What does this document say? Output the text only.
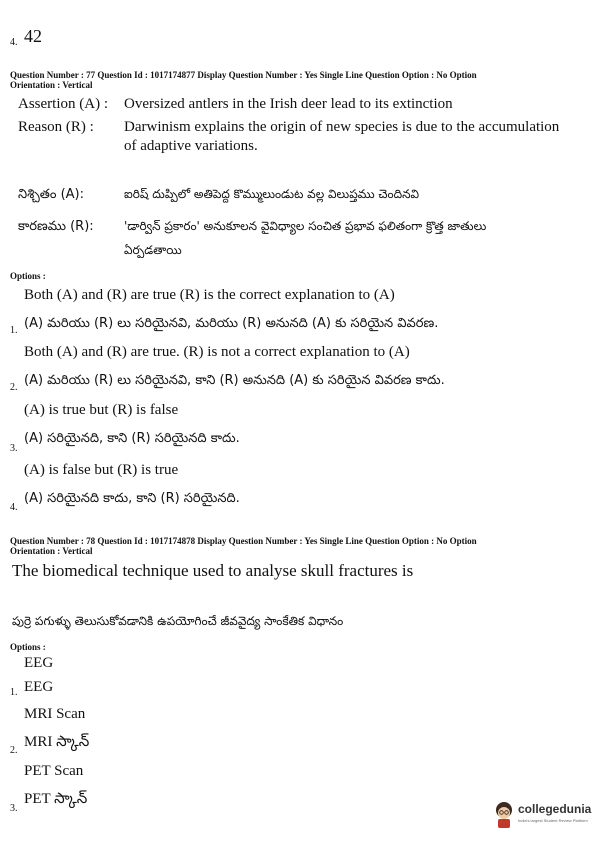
4. 42
Question Number : 77 Question Id : 1017174877 Display Question Number : Yes Single Line Question Option : No Option
Orientation : Vertical
Assertion (A) : Oversized antlers in the Irish deer lead to its extinction
Reason (R) : Darwinism explains the origin of new species is due to the accumulation
of adaptive variations.
నిశ్చితం (A):	ఐరిష్ దుప్పిలో అతిపెద్ద కొమ్ములుండుట వల్ల విలుప్తము చెందినవి
కారణము (R):	'డార్విన్ ప్రకారం' అనుకూలన వైవిధ్యాల సంచిత ప్రభావ ఫలితంగా క్రొత్త జాతులు
ఏర్పడతాయి
Options :
Both (A) and (R) are true (R) is the correct explanation to (A)
1. (A) మరియు (R) లు సరియైనవి, మరియు (R) అనునది (A) కు సరియైన వివరణ.
Both (A) and (R) are true. (R) is not a correct explanation to (A)
2. (A) మరియు (R) లు సరియైనవి, కాని (R) అనునది (A) కు సరియైన వివరణ కాదు.
(A) is true but (R) is false
3.
(A) సరియైనది, కాని (R) సరియైనది కాదు.
(A) is false but (R) is true
4.
(A) సరియైనది కాదు, కాని (R) సరియైనది.
Question Number : 78 Question Id : 1017174878 Display Question Number : Yes Single Line Question Option : No Option
Orientation : Vertical
The biomedical technique used to analyse skull fractures is
పుర్రె పగుళ్ళు తెలుసుకోవడానికి ఉపయోగించే జీవవైద్య సాంకేతిక విధానం
Options :
EEG
1. EEG
MRI Scan
2.
MRI స్కాన్
PET Scan
3.
PET స్కాన్
collegedunia
India's largest Student Review Platform
